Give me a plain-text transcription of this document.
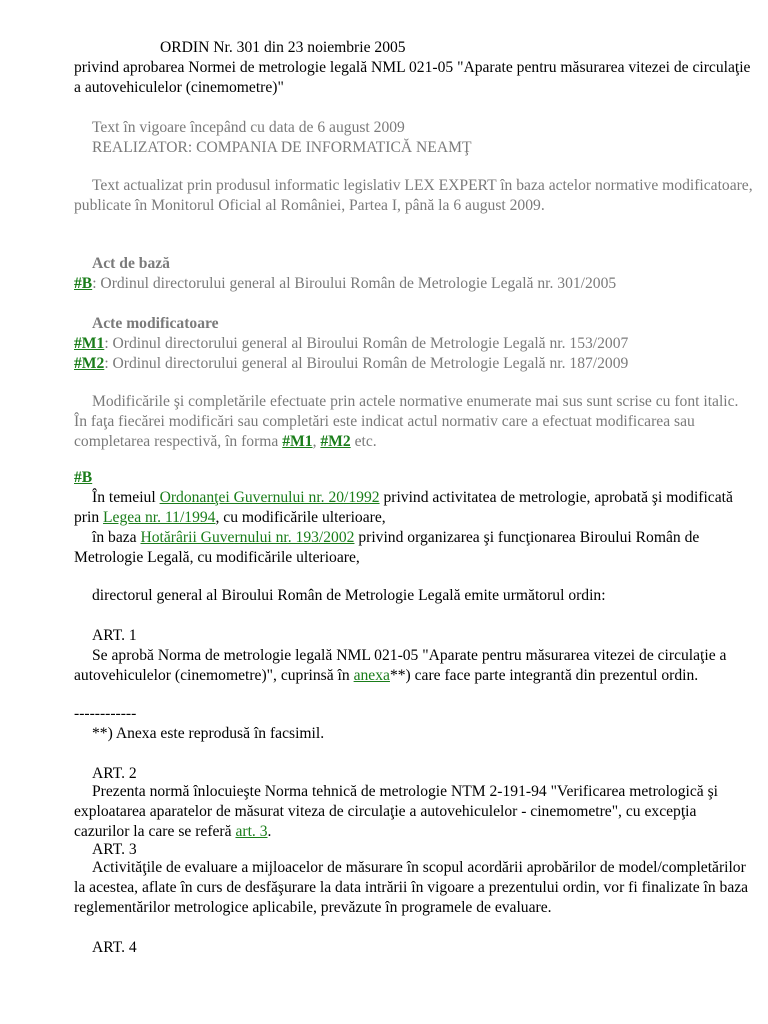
ORDIN Nr. 301 din 23 noiembrie 2005

privind aprobarea Normei de metrologie legală NML 021-05 "Aparate pentru măsurarea vitezei de circulaţie a autovehiculelor (cinemometre)"

Text în vigoare începând cu data de 6 august 2009

REALIZATOR: COMPANIA DE INFORMATICĂ NEAMŢ

Text actualizat prin produsul informatic legislativ LEX EXPERT în baza actelor normative modificatoare, publicate în Monitorul Oficial al României, Partea I, până la 6 august 2009.

Act de bază

#B: Ordinul directorului general al Biroului Român de Metrologie Legală nr. 301/2005

Acte modificatoare

#M1: Ordinul directorului general al Biroului Român de Metrologie Legală nr. 153/2007

#M2: Ordinul directorului general al Biroului Român de Metrologie Legală nr. 187/2009

Modificările şi completările efectuate prin actele normative enumerate mai sus sunt scrise cu font italic. În faţa fiecărei modificări sau completări este indicat actul normativ care a efectuat modificarea sau completarea respectivă, în forma #M1, #M2 etc.

#B

În temeiul Ordonanţei Guvernului nr. 20/1992 privind activitatea de metrologie, aprobată şi modificată prin Legea nr. 11/1994, cu modificările ulterioare,

în baza Hotărârii Guvernului nr. 193/2002 privind organizarea şi funcţionarea Biroului Român de Metrologie Legală, cu modificările ulterioare,

directorul general al Biroului Român de Metrologie Legală emite următorul ordin:

ART. 1

Se aprobă Norma de metrologie legală NML 021-05 "Aparate pentru măsurarea vitezei de circulaţie a autovehiculelor (cinemometre)", cuprinsă în anexa**) care face parte integrantă din prezentul ordin.

------------

**) Anexa este reprodusă în facsimil.

ART. 2

Prezenta normă înlocuieşte Norma tehnică de metrologie NTM 2-191-94 "Verificarea metrologică şi exploatarea aparatelor de măsurat viteza de circulaţie a autovehiculelor - cinemometre", cu excepţia cazurilor la care se referă art. 3.

ART. 3

Activităţile de evaluare a mijloacelor de măsurare în scopul acordării aprobărilor de model/completărilor la acestea, aflate în curs de desfăşurare la data intrării în vigoare a prezentului ordin, vor fi finalizate în baza reglementărilor metrologice aplicabile, prevăzute în programele de evaluare.

ART. 4
